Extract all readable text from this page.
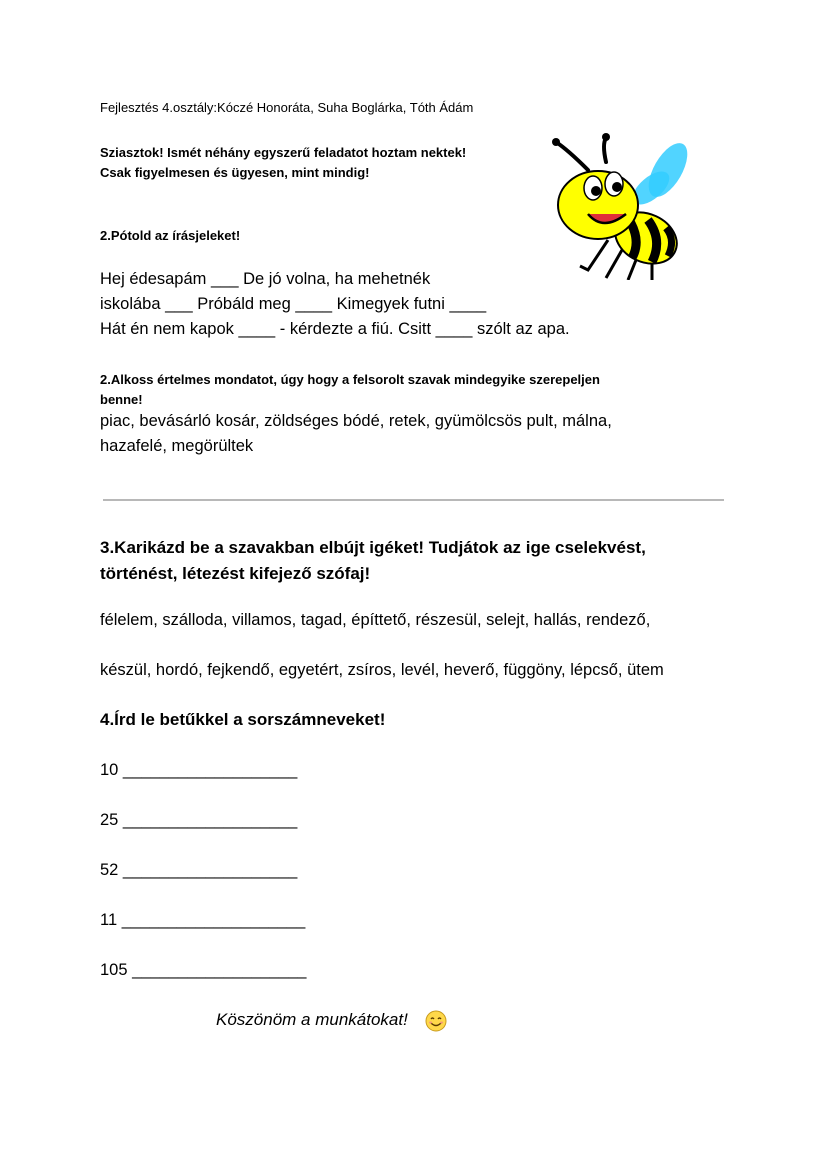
Fejlesztés 4.osztály:Kóczé Honoráta, Suha Boglárka, Tóth Ádám
Sziasztok! Ismét néhány egyszerű feladatot hoztam nektek!
Csak figyelmesen és ügyesen, mint mindig!
2.Pótold az írásjeleket!
Hej édesapám ___ De jó volna, ha mehetnék
iskolába ___ Próbáld meg ____ Kimegyek futni ____
Hát én nem kapok ____ - kérdezte a fiú. Csitt ____ szólt az apa.
2.Alkoss értelmes mondatot, úgy hogy a felsorolt szavak mindegyike szerepeljen
benne!
piac, bevásárló kosár, zöldséges bódé, retek, gyümölcsös pult, málna,
hazafelé, megörültek
3.Karikázd be a szavakban elbújt igéket! Tudjátok az ige cselekvést,
történést, létezést kifejező szófaj!
félelem, szálloda, villamos, tagad, építtető, részesül, selejt, hallás, rendező,
készül, hordó, fejkendő, egyetért, zsíros, levél, heverő, függöny, lépcső, ütem
4.Írd le betűkkel a sorszámneveket!
10 ___________________
25 ___________________
52 ___________________
11 ____________________
105 ___________________
Köszönöm a munkátokat!
